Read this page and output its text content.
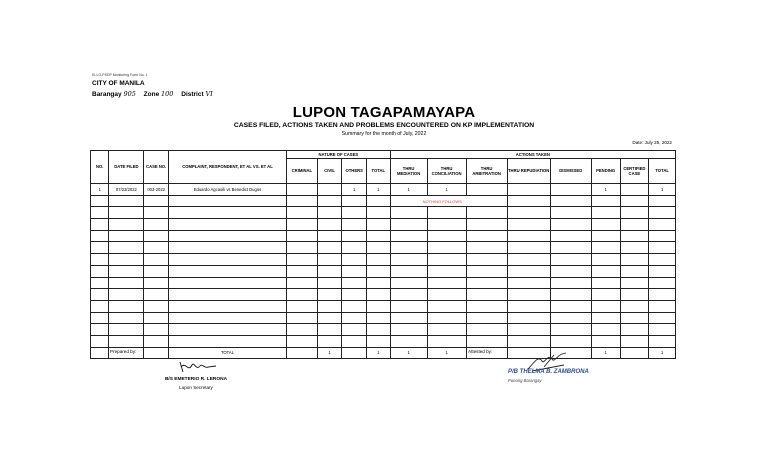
KI-LG-PSDP Monitoring Form No. 1
CITY OF MANILA
Barangay 905 Zone 100 District VI
LUPON TAGAPAMAYAPA
CASES FILED, ACTIONS TAKEN AND PROBLEMS ENCOUNTERED ON KP IMPLEMENTATION
Summary for the month of July, 2022
Date: July 25, 2022
NO.	DATE FILED	CASE NO.	COMPLAINT, RESPONDENT, ET AL VS. ET AL	NATURE OF CASES				ACTIONS TAKEN							
				CRIMINAL	CIVIL	OTHERS	TOTAL	THRU MEDIATION	THRU CONCILIATION	THRU ARBITRATION	THRU REPUDIATION	DISMISSED	PENDING	CERTIFIED CASE	TOTAL
1	07/23/2022	003-2022	Eduardo Agcaoili vs Benedict Dugos			1	1	1	1				1		1
								NOTHING FOLLOWS							

			TOTAL		1		1	1	1				1		1
Prepared by:
B/S EMETERIO R. LERONA
Lupon Secretary
Attested by:
P/B THELMA B. ZAMBRONA
Punong Barangay
